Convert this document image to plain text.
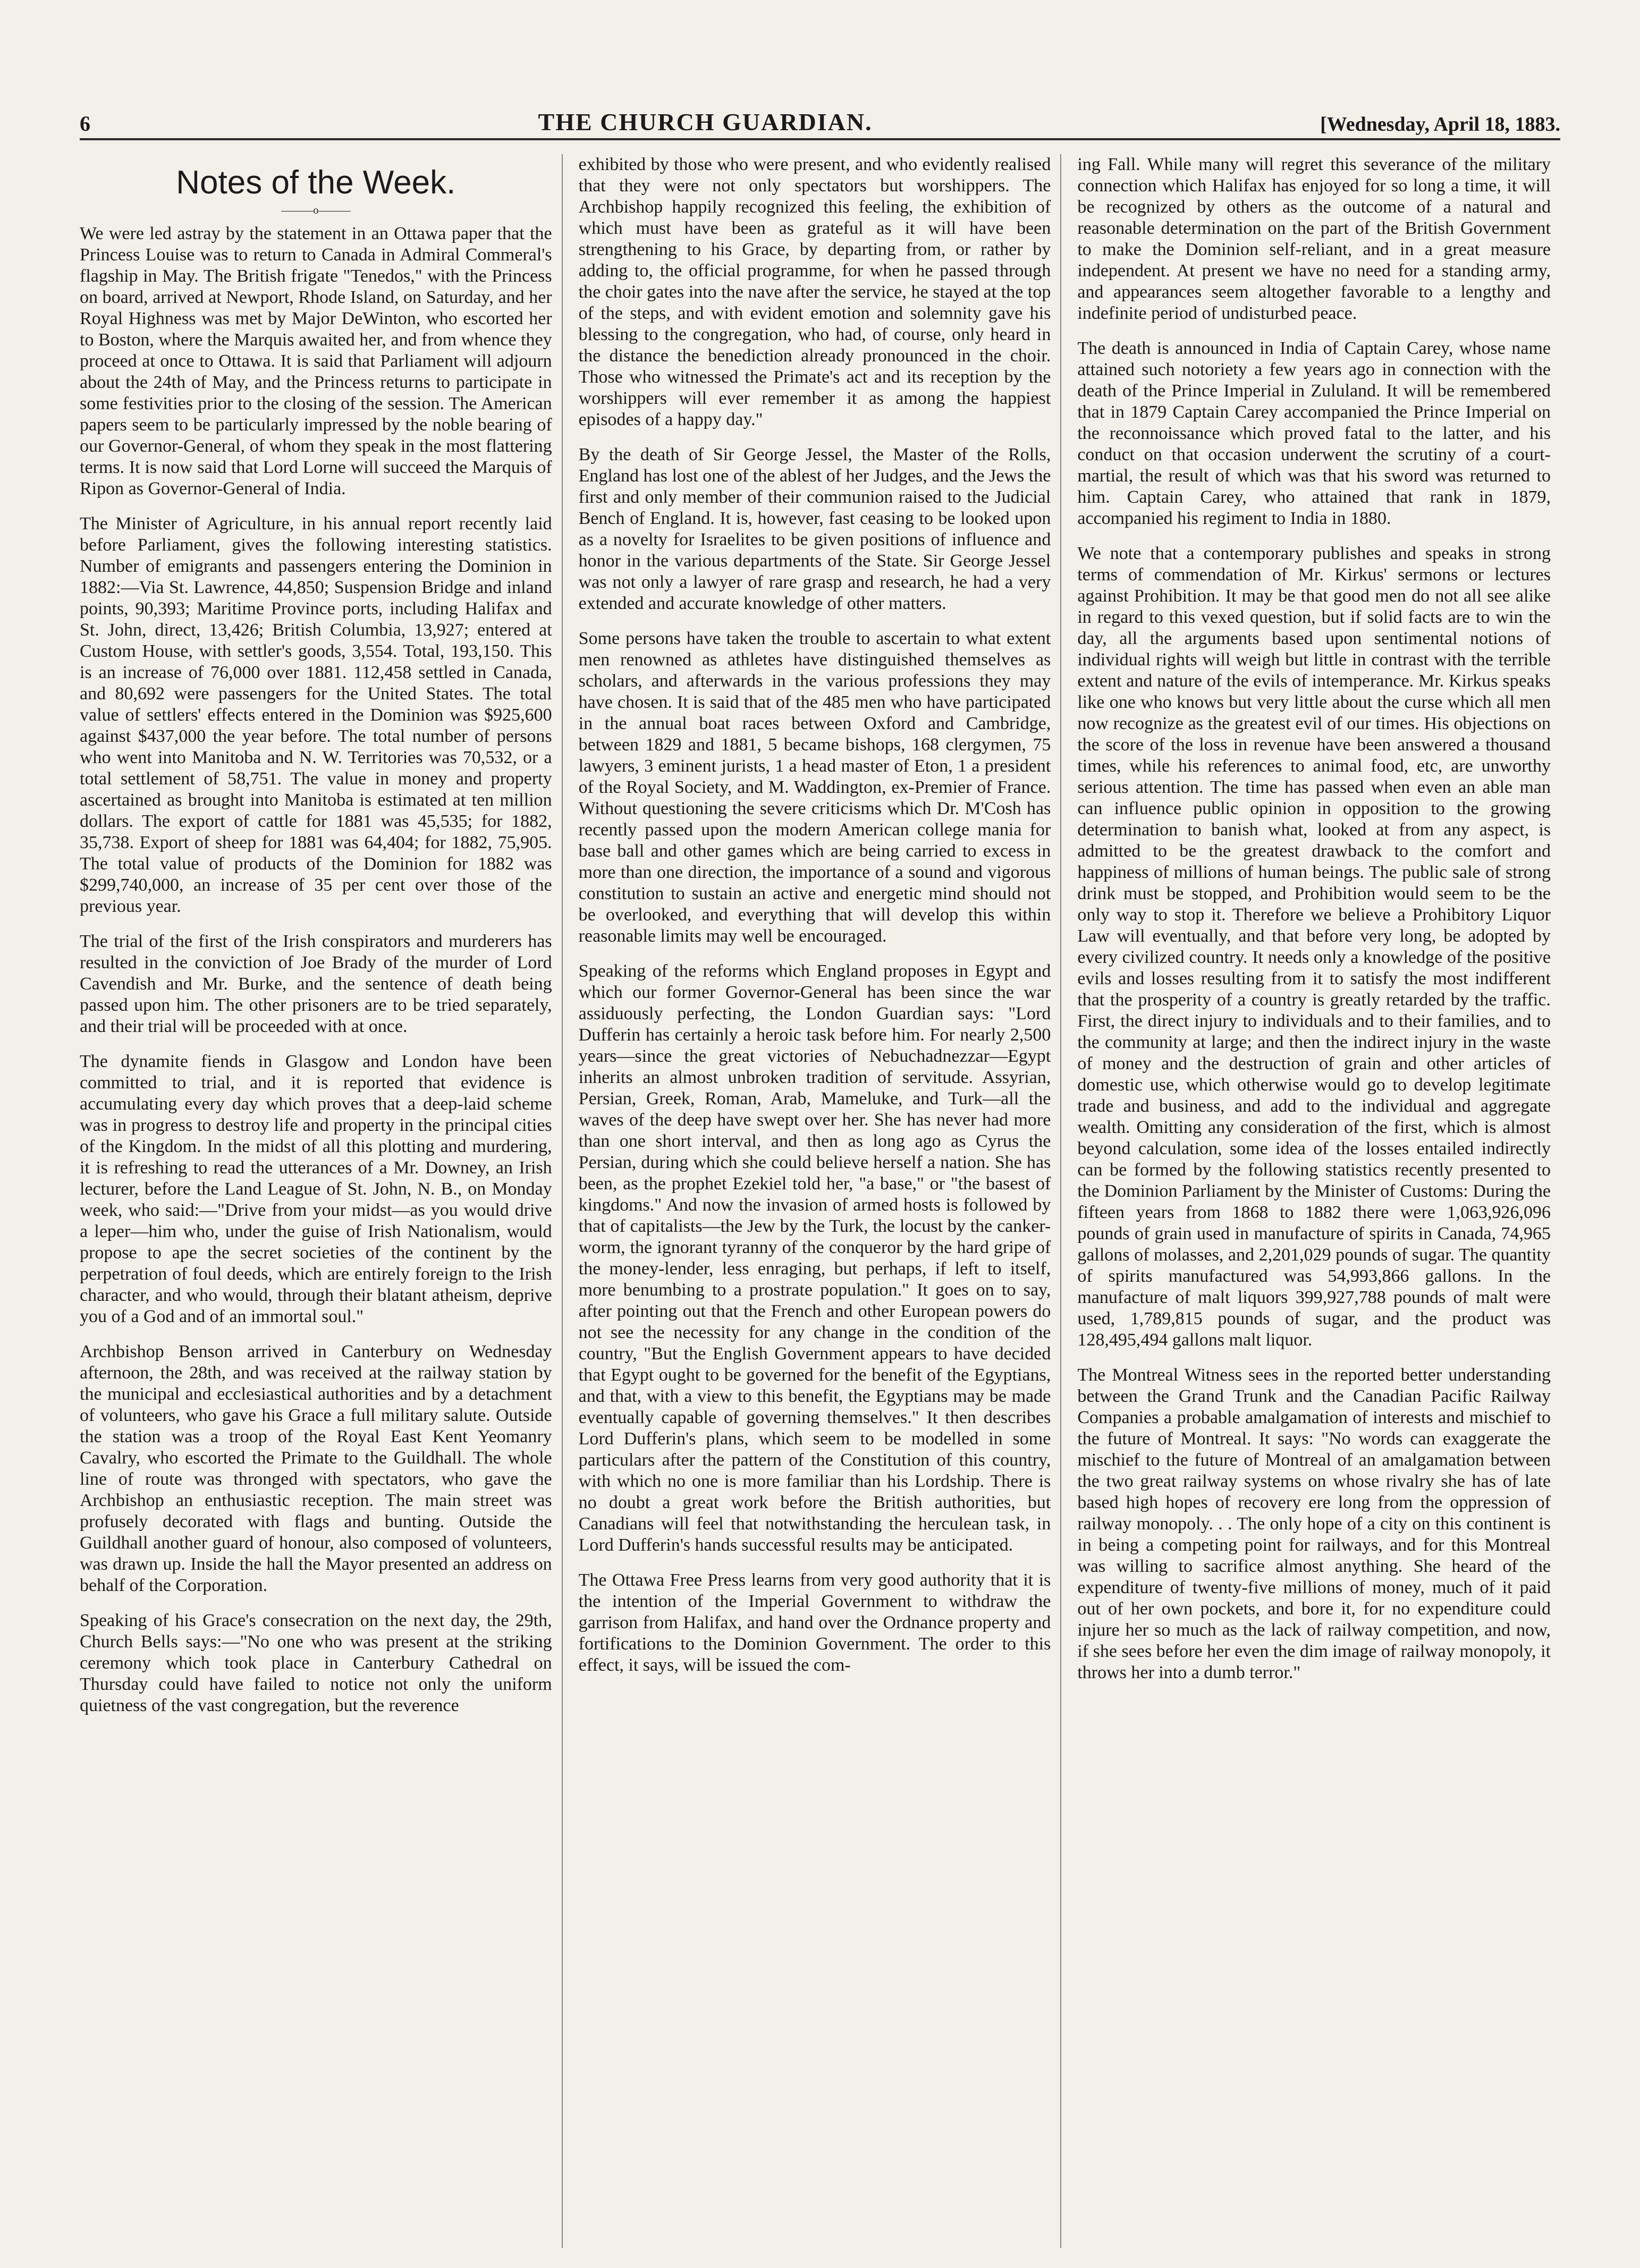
6	THE CHURCH GUARDIAN.	[Wednesday, April 18, 1883.
Notes of the Week.
———o———

We were led astray by the statement in an Ottawa paper that the Princess Louise was to return to Canada in Admiral Commeral's flagship in May. The British frigate "Tenedos," with the Princess on board, arrived at Newport, Rhode Island, on Saturday, and her Royal Highness was met by Major DeWinton, who escorted her to Boston, where the Marquis awaited her, and from whence they proceed at once to Ottawa. It is said that Parliament will adjourn about the 24th of May, and the Princess returns to participate in some festivities prior to the closing of the session. The American papers seem to be particularly impressed by the noble bearing of our Governor-General, of whom they speak in the most flattering terms. It is now said that Lord Lorne will succeed the Marquis of Ripon as Governor-General of India.

The Minister of Agriculture, in his annual report recently laid before Parliament, gives the following interesting statistics. Number of emigrants and passengers entering the Dominion in 1882:—Via St. Lawrence, 44,850; Suspension Bridge and inland points, 90,393; Maritime Province ports, including Halifax and St. John, direct, 13,426; British Columbia, 13,927; entered at Custom House, with settler's goods, 3,554. Total, 193,150. This is an increase of 76,000 over 1881. 112,458 settled in Canada, and 80,692 were passengers for the United States. The total value of settlers' effects entered in the Dominion was $925,600 against $437,000 the year before. The total number of persons who went into Manitoba and N. W. Territories was 70,532, or a total settlement of 58,751. The value in money and property ascertained as brought into Manitoba is estimated at ten million dollars. The export of cattle for 1881 was 45,535; for 1882, 35,738. Export of sheep for 1881 was 64,404; for 1882, 75,905. The total value of products of the Dominion for 1882 was $299,740,000, an increase of 35 per cent over those of the previous year.

The trial of the first of the Irish conspirators and murderers has resulted in the conviction of Joe Brady of the murder of Lord Cavendish and Mr. Burke, and the sentence of death being passed upon him. The other prisoners are to be tried separately, and their trial will be proceeded with at once.

The dynamite fiends in Glasgow and London have been committed to trial, and it is reported that evidence is accumulating every day which proves that a deep-laid scheme was in progress to destroy life and property in the principal cities of the Kingdom. In the midst of all this plotting and murdering, it is refreshing to read the utterances of a Mr. Downey, an Irish lecturer, before the Land League of St. John, N. B., on Monday week, who said:—"Drive from your midst—as you would drive a leper—him who, under the guise of Irish Nationalism, would propose to ape the secret societies of the continent by the perpetration of foul deeds, which are entirely foreign to the Irish character, and who would, through their blatant atheism, deprive you of a God and of an immortal soul."

Archbishop Benson arrived in Canterbury on Wednesday afternoon, the 28th, and was received at the railway station by the municipal and ecclesiastical authorities and by a detachment of volunteers, who gave his Grace a full military salute. Outside the station was a troop of the Royal East Kent Yeomanry Cavalry, who escorted the Primate to the Guildhall. The whole line of route was thronged with spectators, who gave the Archbishop an enthusiastic reception. The main street was profusely decorated with flags and bunting. Outside the Guildhall another guard of honour, also composed of volunteers, was drawn up. Inside the hall the Mayor presented an address on behalf of the Corporation.

Speaking of his Grace's consecration on the next day, the 29th, Church Bells says:—"No one who was present at the striking ceremony which took place in Canterbury Cathedral on Thursday could have failed to notice not only the uniform quietness of the vast congregation, but the reverence

exhibited by those who were present, and who evidently realised that they were not only spectators but worshippers. The Archbishop happily recognized this feeling, the exhibition of which must have been as grateful as it will have been strengthening to his Grace, by departing from, or rather by adding to, the official programme, for when he passed through the choir gates into the nave after the service, he stayed at the top of the steps, and with evident emotion and solemnity gave his blessing to the congregation, who had, of course, only heard in the distance the benediction already pronounced in the choir. Those who witnessed the Primate's act and its reception by the worshippers will ever remember it as among the happiest episodes of a happy day."

By the death of Sir George Jessel, the Master of the Rolls, England has lost one of the ablest of her Judges, and the Jews the first and only member of their communion raised to the Judicial Bench of England. It is, however, fast ceasing to be looked upon as a novelty for Israelites to be given positions of influence and honor in the various departments of the State. Sir George Jessel was not only a lawyer of rare grasp and research, he had a very extended and accurate knowledge of other matters.

Some persons have taken the trouble to ascertain to what extent men renowned as athletes have distinguished themselves as scholars, and afterwards in the various professions they may have chosen. It is said that of the 485 men who have participated in the annual boat races between Oxford and Cambridge, between 1829 and 1881, 5 became bishops, 168 clergymen, 75 lawyers, 3 eminent jurists, 1 a head master of Eton, 1 a president of the Royal Society, and M. Waddington, ex-Premier of France. Without questioning the severe criticisms which Dr. M'Cosh has recently passed upon the modern American college mania for base ball and other games which are being carried to excess in more than one direction, the importance of a sound and vigorous constitution to sustain an active and energetic mind should not be overlooked, and everything that will develop this within reasonable limits may well be encouraged.

Speaking of the reforms which England proposes in Egypt and which our former Governor-General has been since the war assiduously perfecting, the London Guardian says: "Lord Dufferin has certainly a heroic task before him. For nearly 2,500 years—since the great victories of Nebuchadnezzar—Egypt inherits an almost unbroken tradition of servitude. Assyrian, Persian, Greek, Roman, Arab, Mameluke, and Turk—all the waves of the deep have swept over her. She has never had more than one short interval, and then as long ago as Cyrus the Persian, during which she could believe herself a nation. She has been, as the prophet Ezekiel told her, "a base," or "the basest of kingdoms." And now the invasion of armed hosts is followed by that of capitalists—the Jew by the Turk, the locust by the canker-worm, the ignorant tyranny of the conqueror by the hard gripe of the money-lender, less enraging, but perhaps, if left to itself, more benumbing to a prostrate population." It goes on to say, after pointing out that the French and other European powers do not see the necessity for any change in the condition of the country, "But the English Government appears to have decided that Egypt ought to be governed for the benefit of the Egyptians, and that, with a view to this benefit, the Egyptians may be made eventually capable of governing themselves." It then describes Lord Dufferin's plans, which seem to be modelled in some particulars after the pattern of the Constitution of this country, with which no one is more familiar than his Lordship. There is no doubt a great work before the British authorities, but Canadians will feel that notwithstanding the herculean task, in Lord Dufferin's hands successful results may be anticipated.

The Ottawa Free Press learns from very good authority that it is the intention of the Imperial Government to withdraw the garrison from Halifax, and hand over the Ordnance property and fortifications to the Dominion Government. The order to this effect, it says, will be issued the com-

ing Fall. While many will regret this severance of the military connection which Halifax has enjoyed for so long a time, it will be recognized by others as the outcome of a natural and reasonable determination on the part of the British Government to make the Dominion self-reliant, and in a great measure independent. At present we have no need for a standing army, and appearances seem altogether favorable to a lengthy and indefinite period of undisturbed peace.

The death is announced in India of Captain Carey, whose name attained such notoriety a few years ago in connection with the death of the Prince Imperial in Zululand. It will be remembered that in 1879 Captain Carey accompanied the Prince Imperial on the reconnoissance which proved fatal to the latter, and his conduct on that occasion underwent the scrutiny of a court-martial, the result of which was that his sword was returned to him. Captain Carey, who attained that rank in 1879, accompanied his regiment to India in 1880.

We note that a contemporary publishes and speaks in strong terms of commendation of Mr. Kirkus' sermons or lectures against Prohibition. It may be that good men do not all see alike in regard to this vexed question, but if solid facts are to win the day, all the arguments based upon sentimental notions of individual rights will weigh but little in contrast with the terrible extent and nature of the evils of intemperance. Mr. Kirkus speaks like one who knows but very little about the curse which all men now recognize as the greatest evil of our times. His objections on the score of the loss in revenue have been answered a thousand times, while his references to animal food, etc, are unworthy serious attention. The time has passed when even an able man can influence public opinion in opposition to the growing determination to banish what, looked at from any aspect, is admitted to be the greatest drawback to the comfort and happiness of millions of human beings. The public sale of strong drink must be stopped, and Prohibition would seem to be the only way to stop it. Therefore we believe a Prohibitory Liquor Law will eventually, and that before very long, be adopted by every civilized country. It needs only a knowledge of the positive evils and losses resulting from it to satisfy the most indifferent that the prosperity of a country is greatly retarded by the traffic. First, the direct injury to individuals and to their families, and to the community at large; and then the indirect injury in the waste of money and the destruction of grain and other articles of domestic use, which otherwise would go to develop legitimate trade and business, and add to the individual and aggregate wealth. Omitting any consideration of the first, which is almost beyond calculation, some idea of the losses entailed indirectly can be formed by the following statistics recently presented to the Dominion Parliament by the Minister of Customs: During the fifteen years from 1868 to 1882 there were 1,063,926,096 pounds of grain used in manufacture of spirits in Canada, 74,965 gallons of molasses, and 2,201,029 pounds of sugar. The quantity of spirits manufactured was 54,993,866 gallons. In the manufacture of malt liquors 399,927,788 pounds of malt were used, 1,789,815 pounds of sugar, and the product was 128,495,494 gallons malt liquor.

The Montreal Witness sees in the reported better understanding between the Grand Trunk and the Canadian Pacific Railway Companies a probable amalgamation of interests and mischief to the future of Montreal. It says: "No words can exaggerate the mischief to the future of Montreal of an amalgamation between the two great railway systems on whose rivalry she has of late based high hopes of recovery ere long from the oppression of railway monopoly. . . The only hope of a city on this continent is in being a competing point for railways, and for this Montreal was willing to sacrifice almost anything. She heard of the expenditure of twenty-five millions of money, much of it paid out of her own pockets, and bore it, for no expenditure could injure her so much as the lack of railway competition, and now, if she sees before her even the dim image of railway monopoly, it throws her into a dumb terror."
